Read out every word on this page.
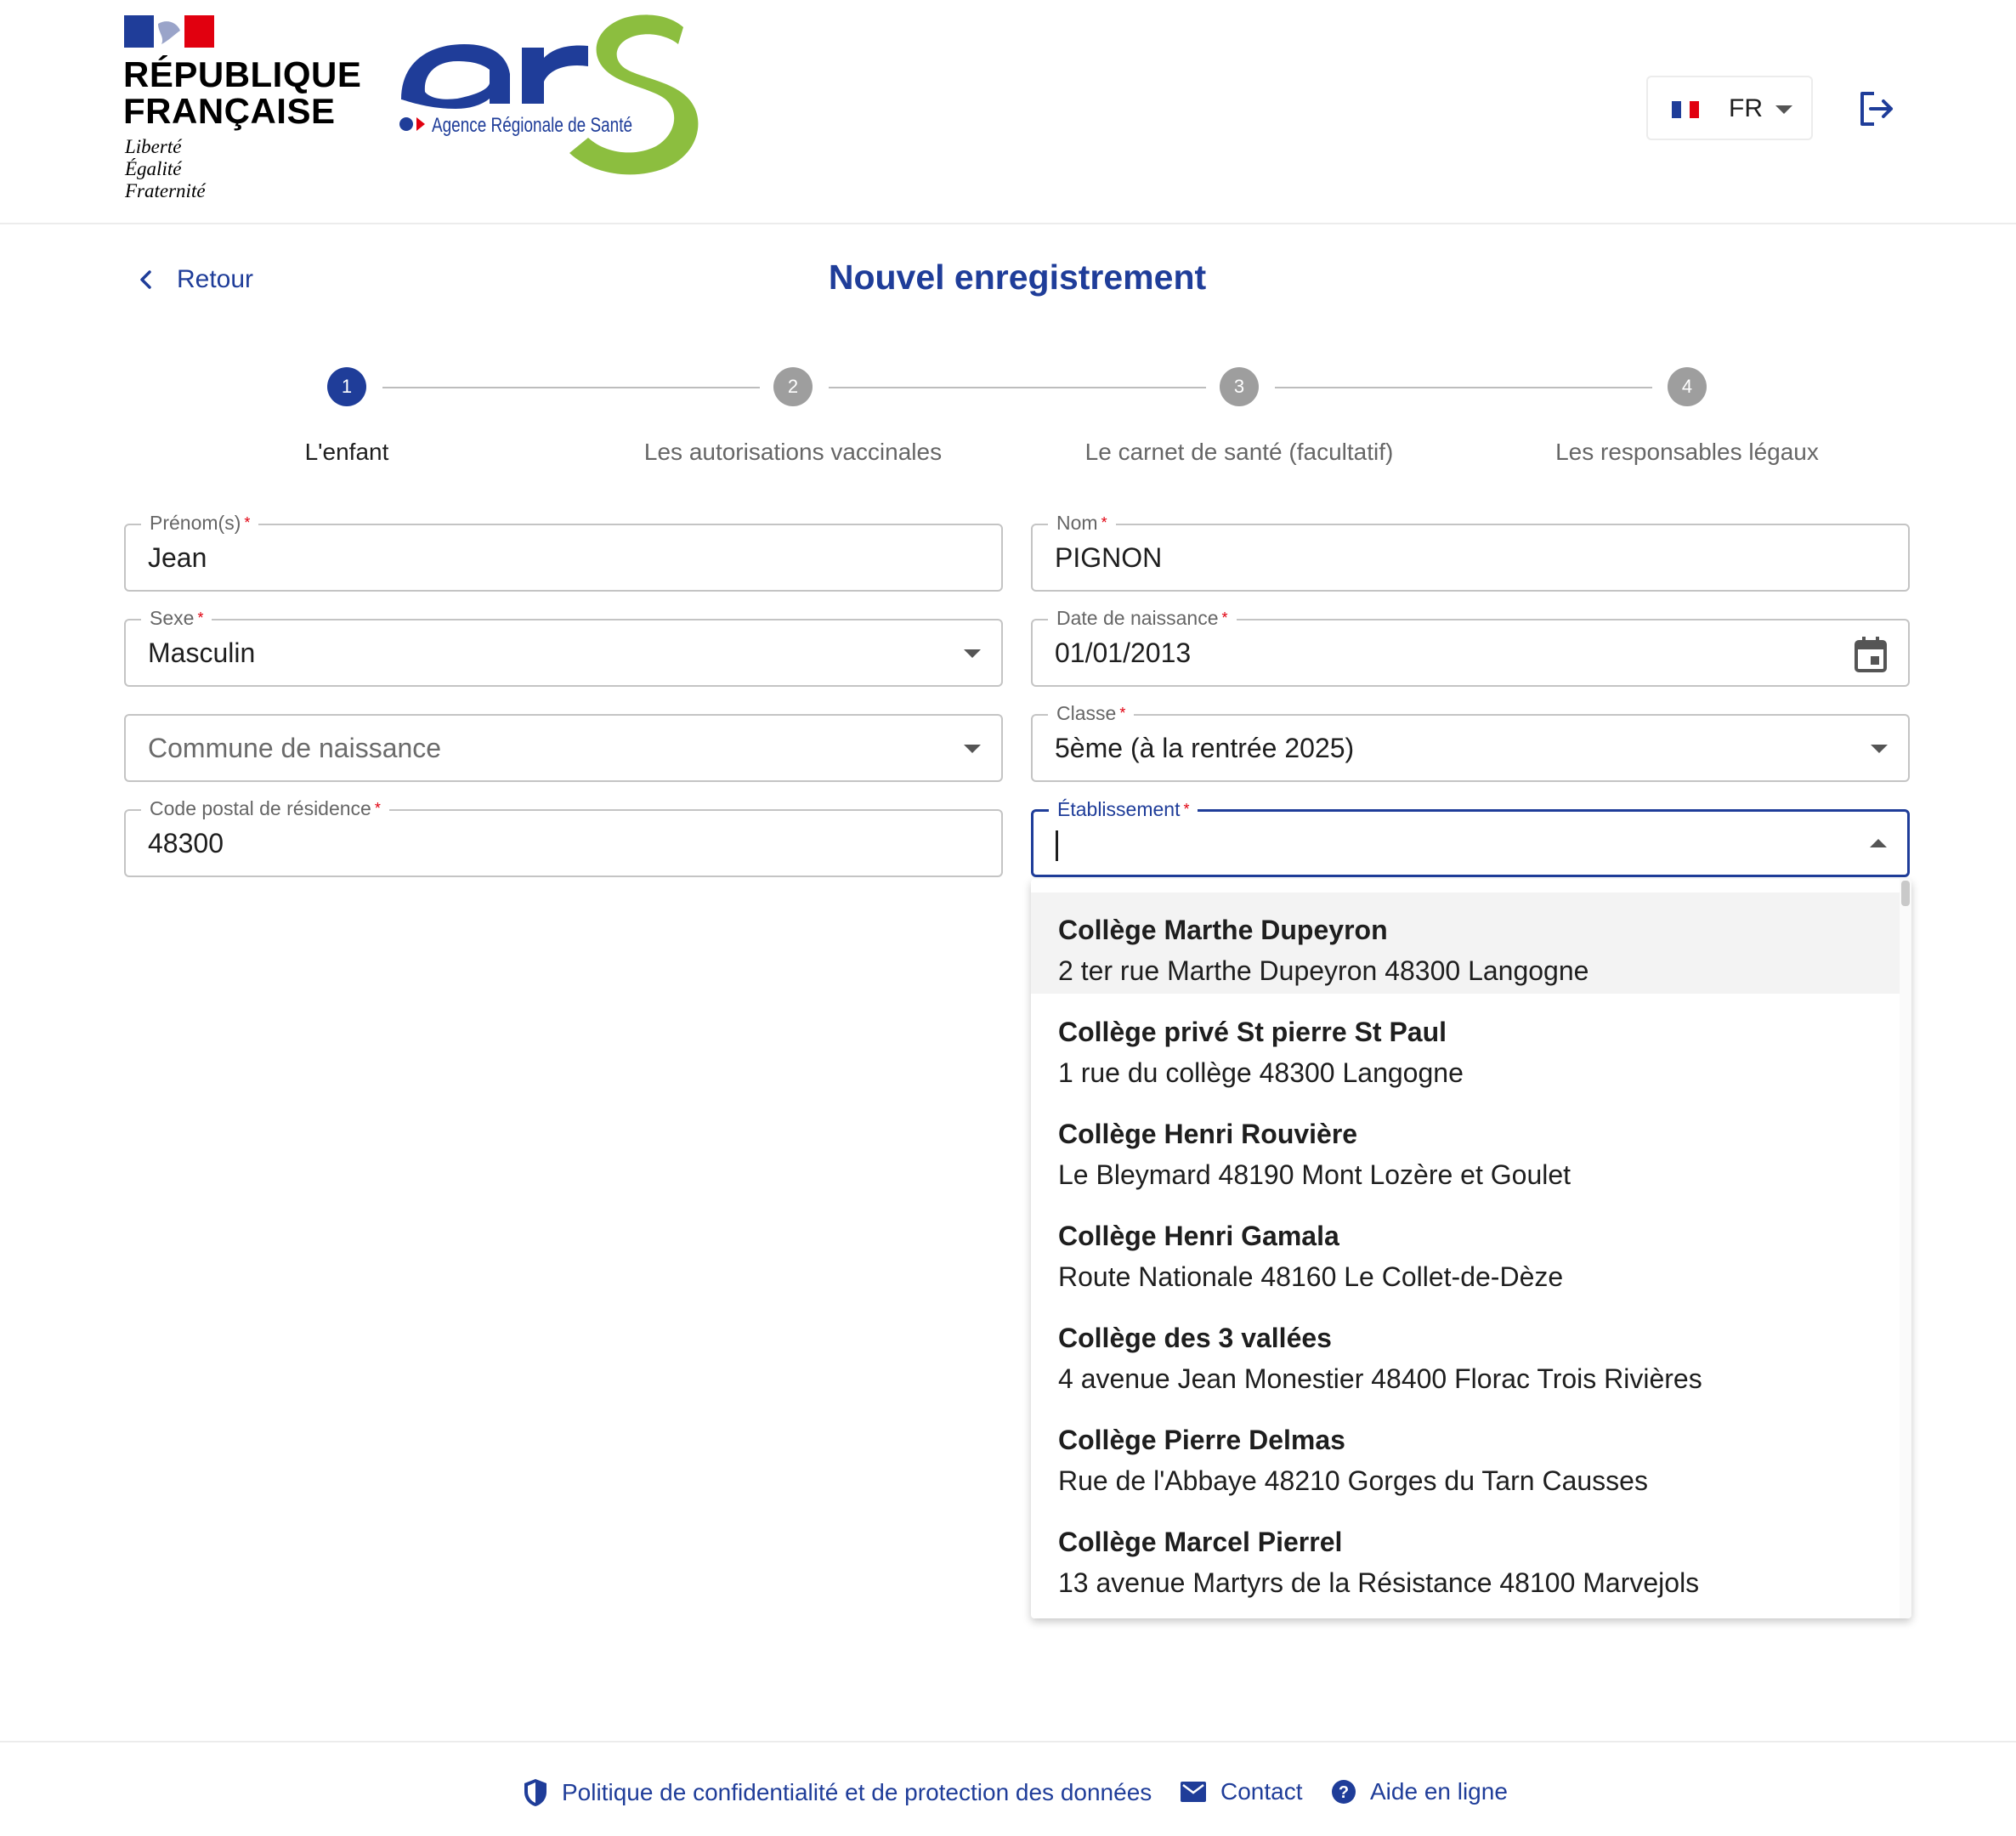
RÉPUBLIQUE
FRANÇAISE
Liberté
Égalité
Fraternité
Agence Régionale de Santé
FR
Retour	Nouvel enregistrement
1	2	3	4
L'enfant	Les autorisations vaccinales	Le carnet de santé (facultatif)	Les responsables légaux
Prénom(s) *
Jean
Nom *
PIGNON
Sexe *
Masculin
Date de naissance *
01/01/2013
Commune de naissance
Classe *
5ème (à la rentrée 2025)
Code postal de résidence *
48300
Établissement *
Collège Marthe Dupeyron
2 ter rue Marthe Dupeyron 48300 Langogne
Collège privé St pierre St Paul
1 rue du collège 48300 Langogne
Collège Henri Rouvière
Le Bleymard 48190 Mont Lozère et Goulet
Collège Henri Gamala
Route Nationale 48160 Le Collet-de-Dèze
Collège des 3 vallées
4 avenue Jean Monestier 48400 Florac Trois Rivières
Collège Pierre Delmas
Rue de l'Abbaye 48210 Gorges du Tarn Causses
Collège Marcel Pierrel
13 avenue Martyrs de la Résistance 48100 Marvejols
Politique de confidentialité et de protection des données	Contact ? Aide en ligne
